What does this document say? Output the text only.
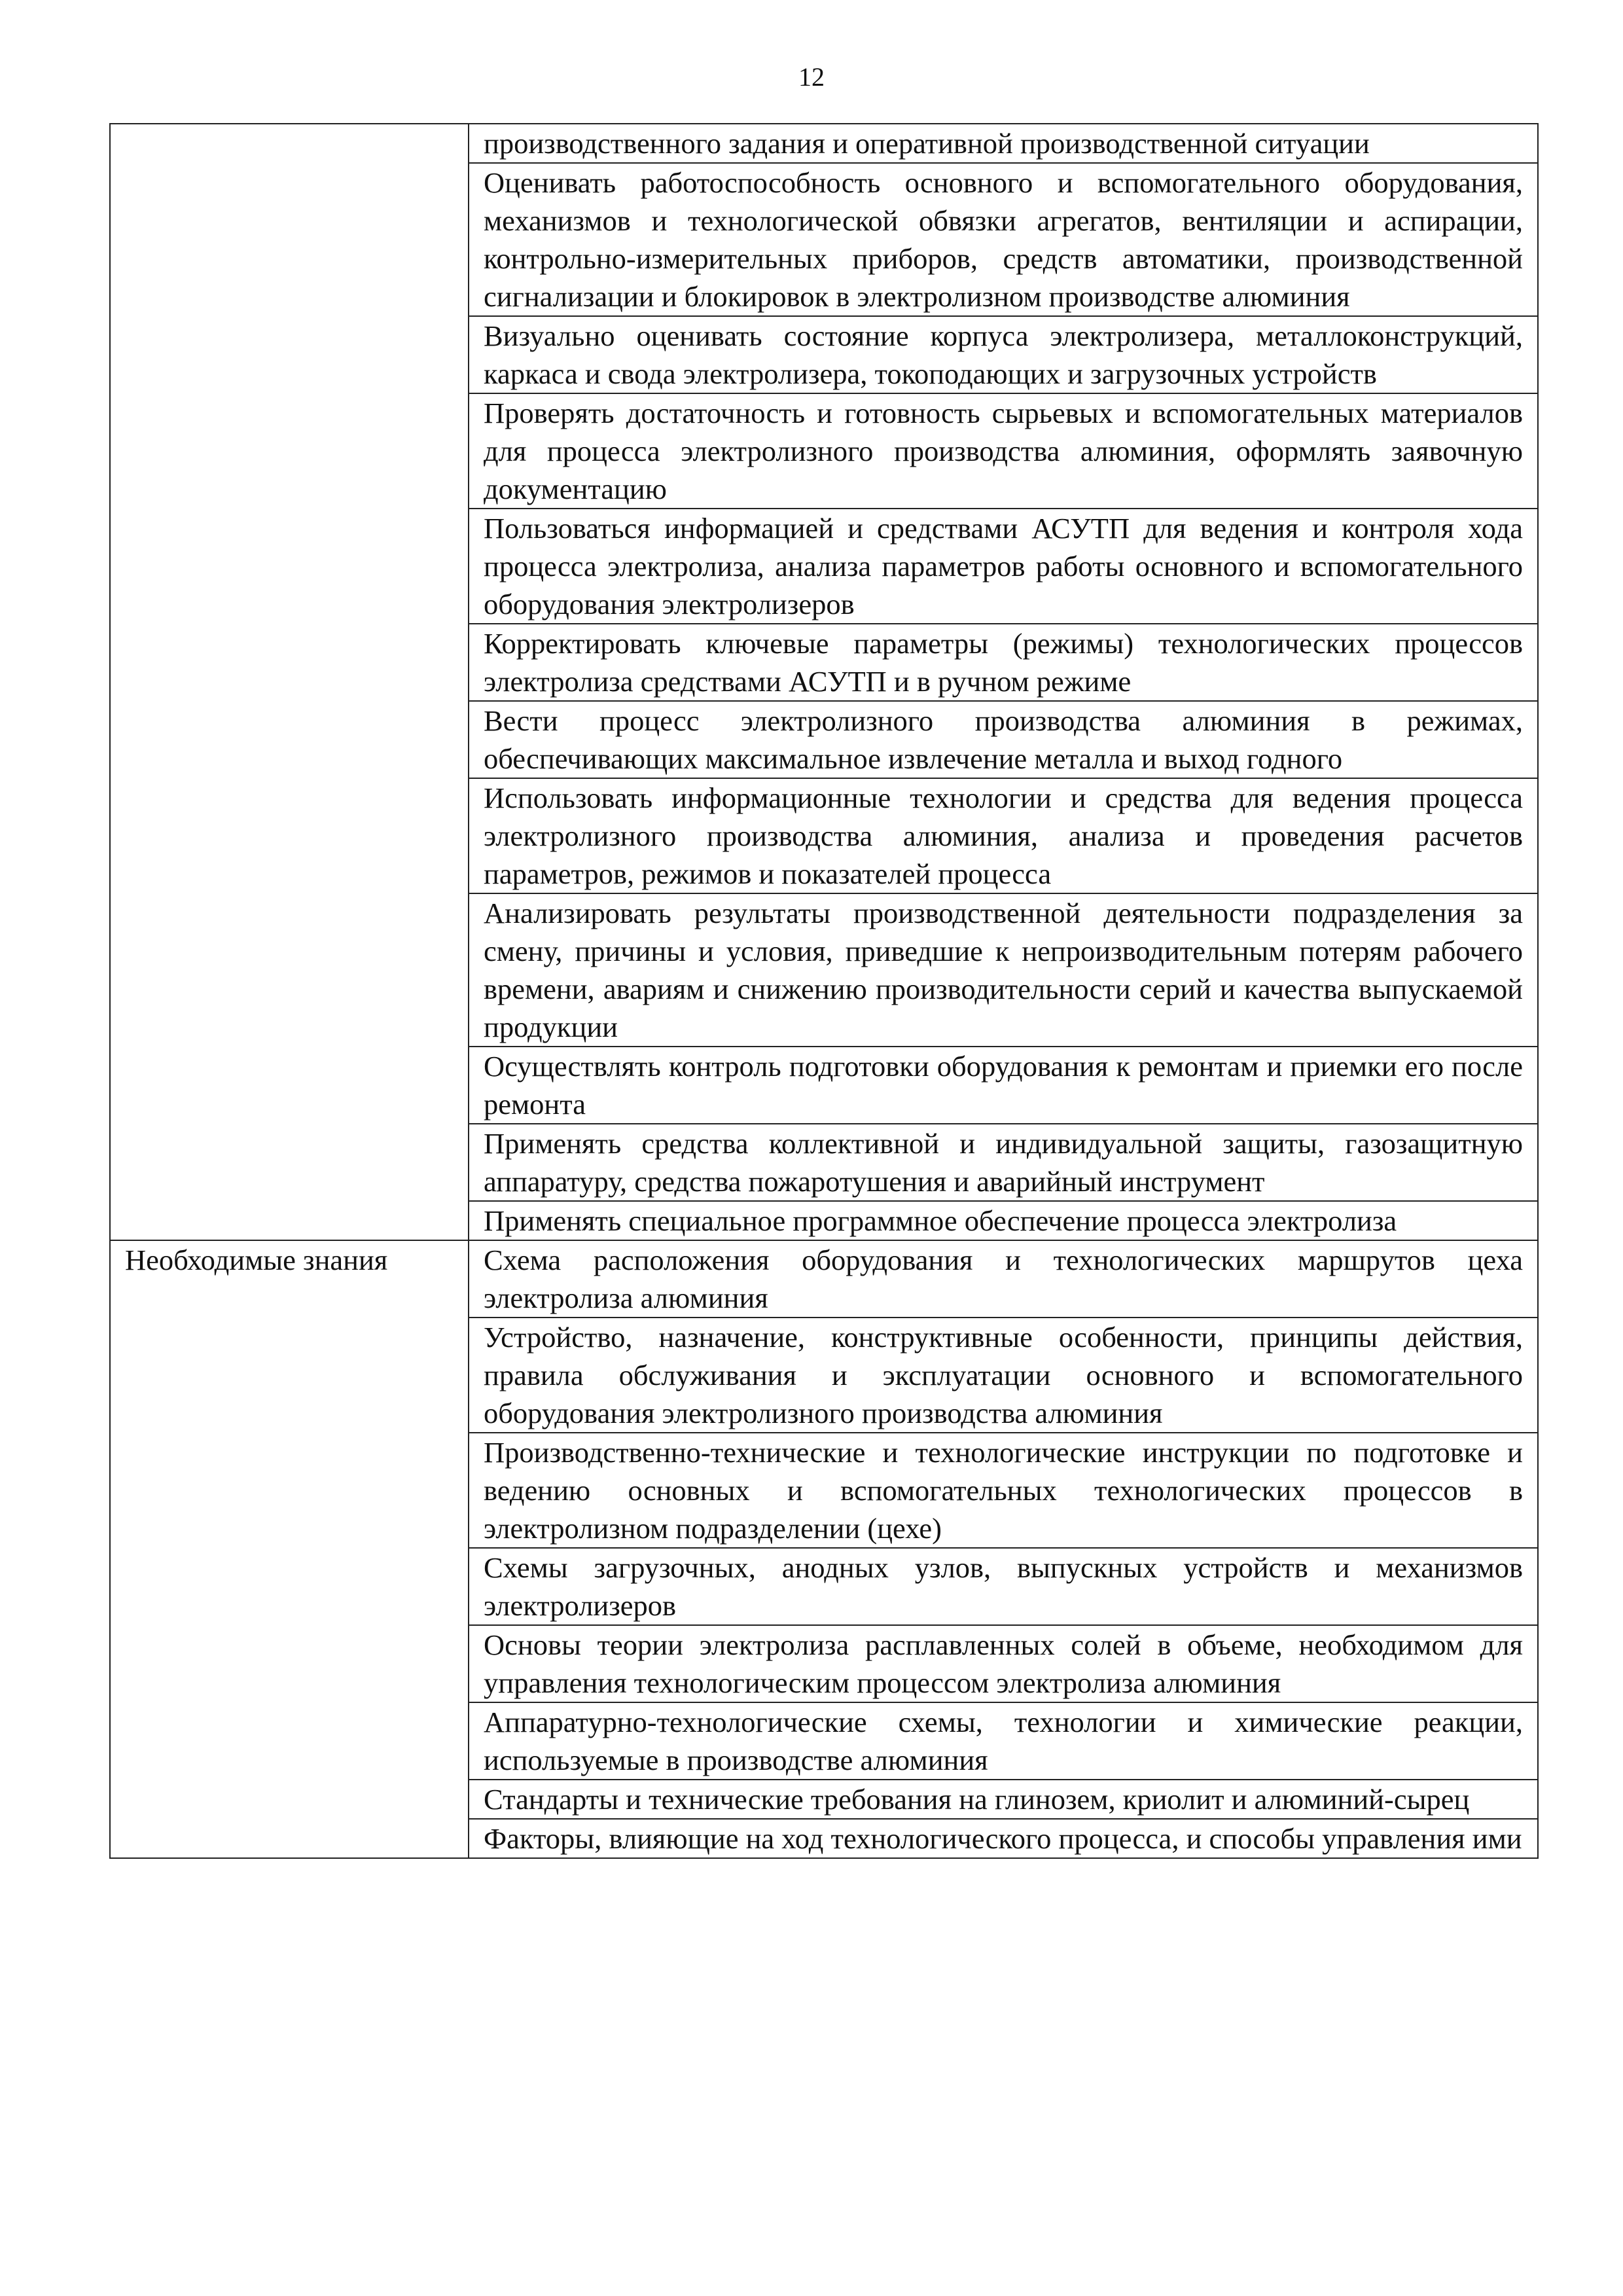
12
	производственного задания и оперативной производственной ситуации
	Оценивать работоспособность основного и вспомогательного оборудования, механизмов и технологической обвязки агрегатов, вентиляции и аспирации, контрольно-измерительных приборов, средств автоматики, производственной сигнализации и блокировок в электролизном производстве алюминия
	Визуально оценивать состояние корпуса электролизера, металлоконструкций, каркаса и свода электролизера, токоподающих и загрузочных устройств
	Проверять достаточность и готовность сырьевых и вспомогательных материалов для процесса электролизного производства алюминия, оформлять заявочную документацию
	Пользоваться информацией и средствами АСУТП для ведения и контроля хода процесса электролиза, анализа параметров работы основного и вспомогательного оборудования электролизеров
	Корректировать ключевые параметры (режимы) технологических процессов электролиза средствами АСУТП и в ручном режиме
	Вести процесс электролизного производства алюминия в режимах, обеспечивающих максимальное извлечение металла и выход годного
	Использовать информационные технологии и средства для ведения процесса электролизного производства алюминия, анализа и проведения расчетов параметров, режимов и показателей процесса
	Анализировать результаты производственной деятельности подразделения за смену, причины и условия, приведшие к непроизводительным потерям рабочего времени, авариям и снижению производительности серий и качества выпускаемой продукции
	Осуществлять контроль подготовки оборудования к ремонтам и приемки его после ремонта
	Применять средства коллективной и индивидуальной защиты, газозащитную аппаратуру, средства пожаротушения и аварийный инструмент
	Применять специальное программное обеспечение процесса электролиза
Необходимые знания	Схема расположения оборудования и технологических маршрутов цеха электролиза алюминия
	Устройство, назначение, конструктивные особенности, принципы действия, правила обслуживания и эксплуатации основного и вспомогательного оборудования электролизного производства алюминия
	Производственно-технические и технологические инструкции по подготовке и ведению основных и вспомогательных технологических процессов в электролизном подразделении (цехе)
	Схемы загрузочных, анодных узлов, выпускных устройств и механизмов электролизеров
	Основы теории электролиза расплавленных солей в объеме, необходимом для управления технологическим процессом электролиза алюминия
	Аппаратурно-технологические схемы, технологии и химические реакции, используемые в производстве алюминия
	Стандарты и технические требования на глинозем, криолит и алюминий-сырец
	Факторы, влияющие на ход технологического процесса, и способы управления ими
